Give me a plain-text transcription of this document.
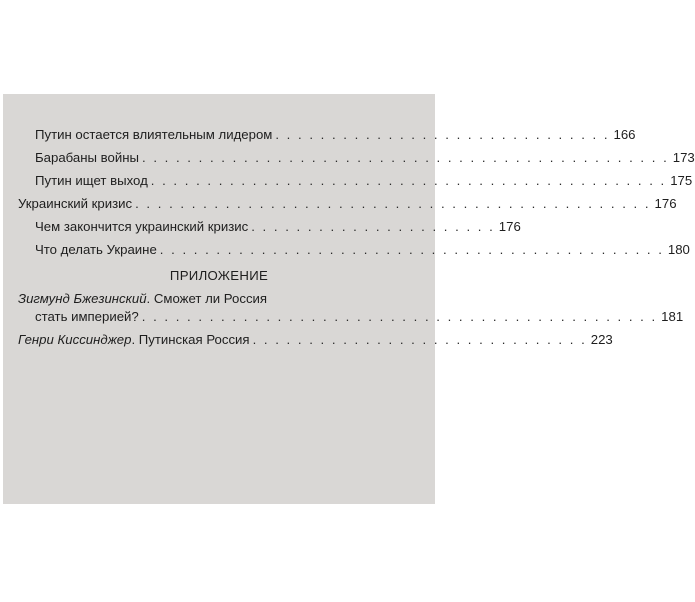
Путин остается влиятельным лидером . . . . . . . . . . . . . . . . . . . . . . . . . . . . . . 166
Барабаны войны . . . . . . . . . . . . . . . . . . . . . . . . . . . . . . . . . . . . . . . . . . . . . . . 173
Путин ищет выход . . . . . . . . . . . . . . . . . . . . . . . . . . . . . . . . . . . . . . . . . . . . . . 175
Украинский кризис . . . . . . . . . . . . . . . . . . . . . . . . . . . . . . . . . . . . . . . . . . . . . . 176
Чем закончится украинский кризис . . . . . . . . . . . . . . . . . . . . . . 176
Что делать Украине . . . . . . . . . . . . . . . . . . . . . . . . . . . . . . . . . . . . . . . . . . . . . 180
ПРИЛОЖЕНИЕ
Зигмунд Бжезинский. Сможет ли Россия
стать империей? . . . . . . . . . . . . . . . . . . . . . . . . . . . . . . . . . . . . . . . . . . . . . . 181
Генри Киссинджер. Путинская Россия . . . . . . . . . . . . . . . . . . . . . . . . . . . . . . 223
